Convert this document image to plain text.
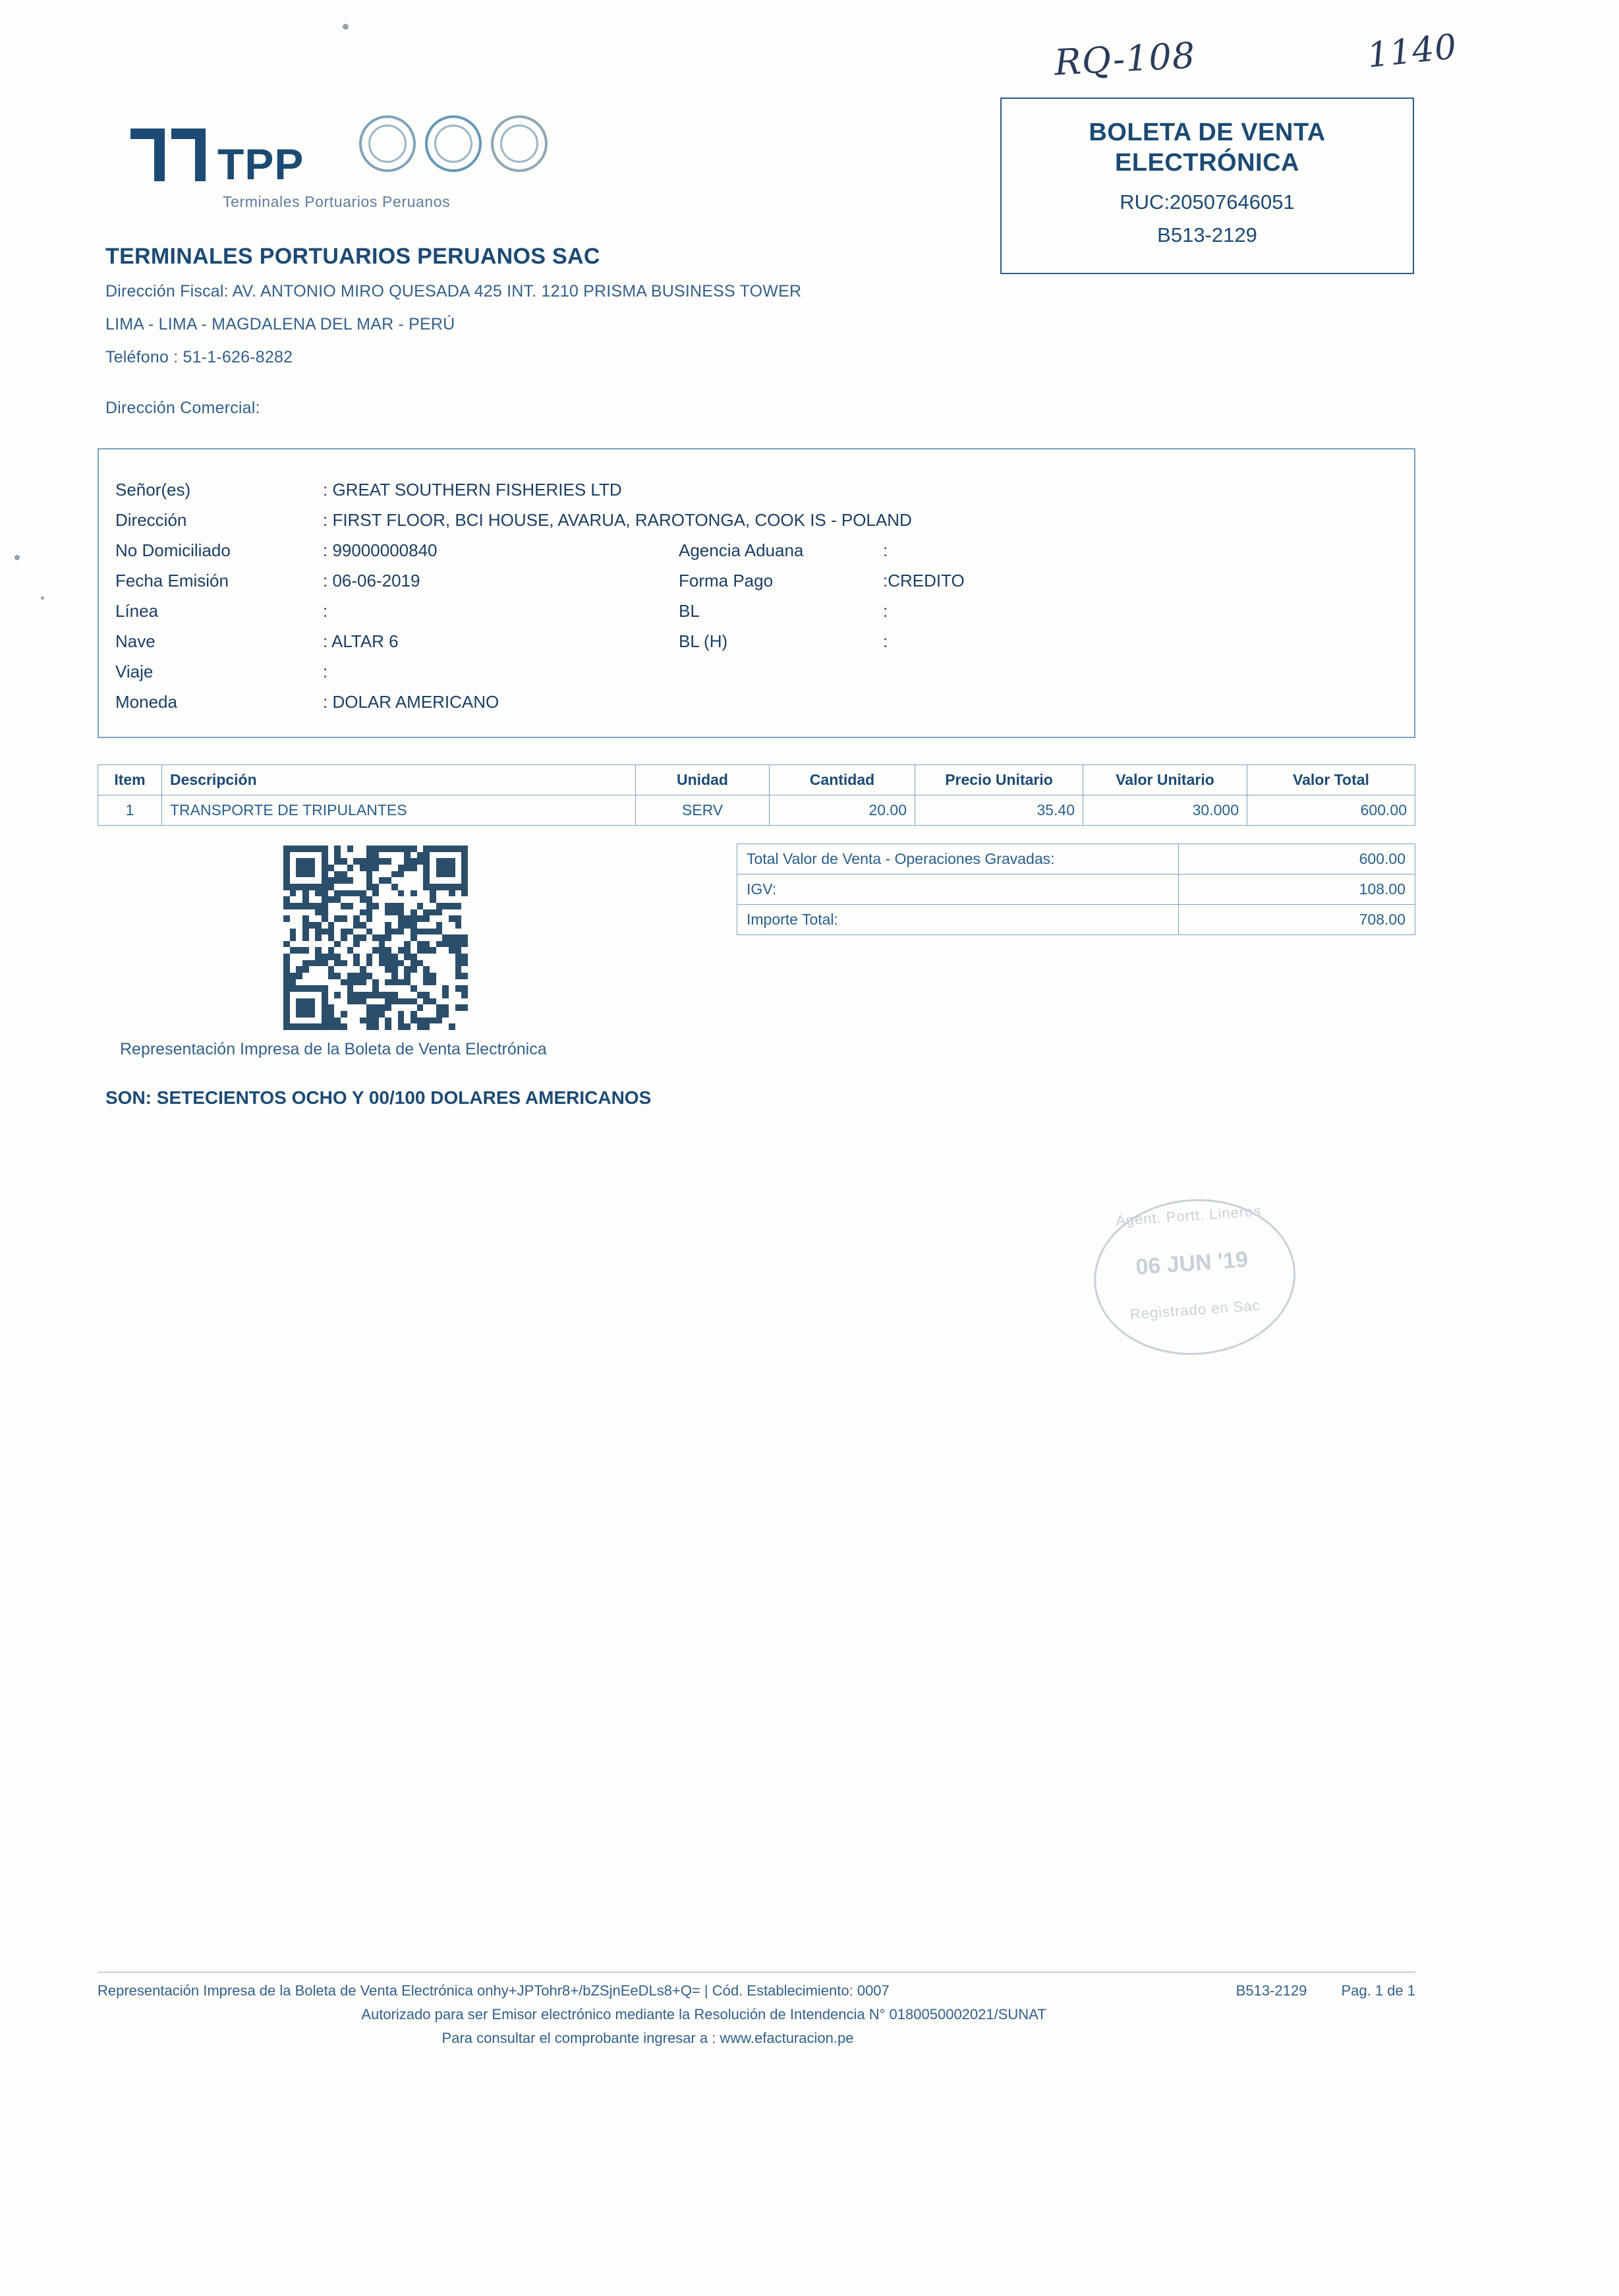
RQ-108	1140
TPP
Terminales Portuarios Peruanos
TERMINALES PORTUARIOS PERUANOS SAC
Dirección Fiscal: AV. ANTONIO MIRO QUESADA 425 INT. 1210 PRISMA BUSINESS TOWER
LIMA - LIMA - MAGDALENA DEL MAR - PERÚ
Teléfono : 51-1-626-8282
Dirección Comercial:
BOLETA DE VENTA
ELECTRÓNICA
RUC:20507646051
B513-2129
Señor(es)	: GREAT SOUTHERN FISHERIES LTD
Dirección	: FIRST FLOOR, BCI HOUSE, AVARUA, RAROTONGA, COOK IS - POLAND
No Domiciliado	: 99000000840
Fecha Emisión	: 06-06-2019
Línea	:
Nave	: ALTAR 6
Viaje	:
Moneda	: DOLAR AMERICANO
Agencia Aduana	:
Forma Pago	:CREDITO
BL	:
BL (H)	:
Item	Descripción	Unidad	Cantidad	Precio Unitario	Valor Unitario	Valor Total
1	TRANSPORTE DE TRIPULANTES	SERV	20.00	35.40	30.000	600.00
Total Valor de Venta - Operaciones Gravadas:	600.00
IGV:	108.00
Importe Total:	708.00
Representación Impresa de la Boleta de Venta Electrónica
SON: SETECIENTOS OCHO Y 00/100 DOLARES AMERICANOS
Agent. Portt. Lineros
06 JUN '19
Registrado en Sac
Representación Impresa de la Boleta de Venta Electrónica onhy+JPTohr8+/bZSjnEeDLs8+Q= | Cód. Establecimiento: 0007	B513-2129 Pag. 1 de 1
Autorizado para ser Emisor electrónico mediante la Resolución de Intendencia N° 0180050002021/SUNAT
Para consultar el comprobante ingresar a : www.efacturacion.pe
